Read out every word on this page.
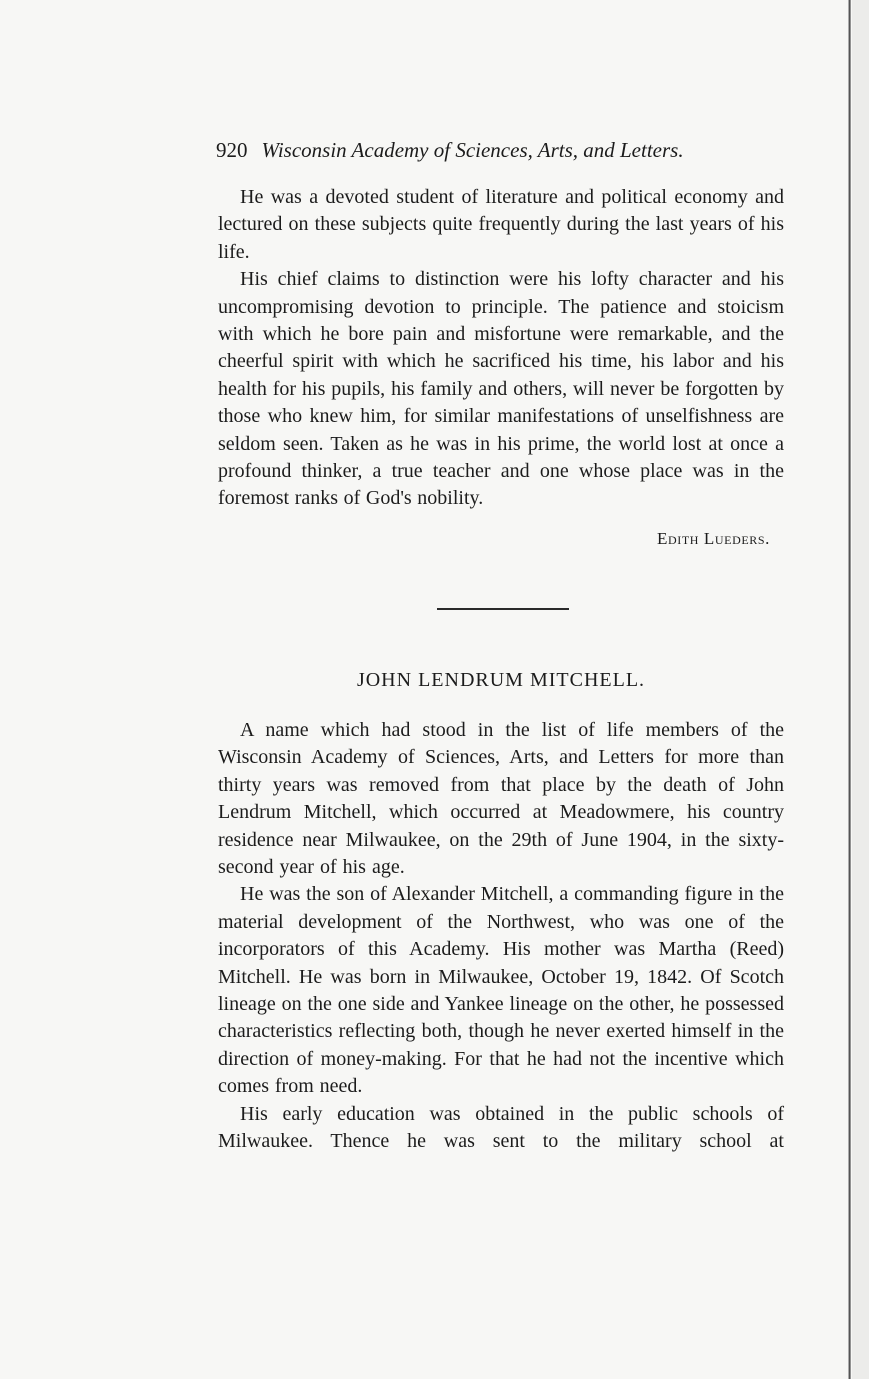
920 Wisconsin Academy of Sciences, Arts, and Letters.

He was a devoted student of literature and political economy and lectured on these subjects quite frequently during the last years of his life.

His chief claims to distinction were his lofty character and his uncompromising devotion to principle. The patience and stoicism with which he bore pain and misfortune were remarkable, and the cheerful spirit with which he sacrificed his time, his labor and his health for his pupils, his family and others, will never be forgotten by those who knew him, for similar manifestations of unselfishness are seldom seen. Taken as he was in his prime, the world lost at once a profound thinker, a true teacher and one whose place was in the foremost ranks of God's nobility.

Edith Lueders.
JOHN LENDRUM MITCHELL.

A name which had stood in the list of life members of the Wisconsin Academy of Sciences, Arts, and Letters for more than thirty years was removed from that place by the death of John Lendrum Mitchell, which occurred at Meadowmere, his country residence near Milwaukee, on the 29th of June 1904, in the sixty-second year of his age.

He was the son of Alexander Mitchell, a commanding figure in the material development of the Northwest, who was one of the incorporators of this Academy. His mother was Martha (Reed) Mitchell. He was born in Milwaukee, October 19, 1842. Of Scotch lineage on the one side and Yankee lineage on the other, he possessed characteristics reflecting both, though he never exerted himself in the direction of money-making. For that he had not the incentive which comes from need.

His early education was obtained in the public schools of Milwaukee. Thence he was sent to the military school at
